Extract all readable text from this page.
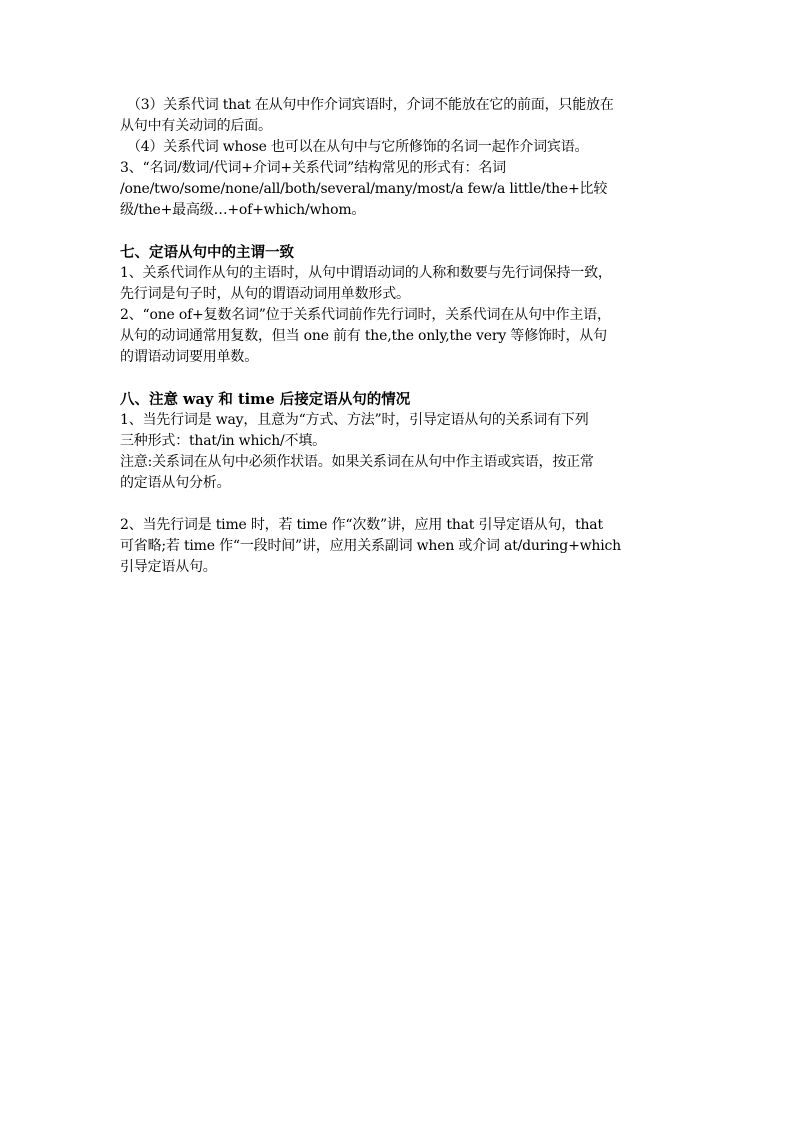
（3）关系代词 that 在从句中作介词宾语时，介词不能放在它的前面，只能放在
从句中有关动词的后面。
（4）关系代词 whose 也可以在从句中与它所修饰的名词一起作介词宾语。
3、“名词/数词/代词+介词+关系代词”结构常见的形式有：名词
/one/two/some/none/all/both/several/many/most/a few/a little/the+比较
级/the+最高级…+of+which/whom。
七、定语从句中的主谓一致
1、关系代词作从句的主语时，从句中谓语动词的人称和数要与先行词保持一致，
先行词是句子时，从句的谓语动词用单数形式。
2、“one of+复数名词”位于关系代词前作先行词时，关系代词在从句中作主语，
从句的动词通常用复数，但当 one 前有 the,the only,the very 等修饰时，从句
的谓语动词要用单数。
八、注意 way 和 time 后接定语从句的情况
1、当先行词是 way，且意为“方式、方法”时，引导定语从句的关系词有下列
三种形式：that/in which/不填。
注意:关系词在从句中必须作状语。如果关系词在从句中作主语或宾语，按正常
的定语从句分析。
2、当先行词是 time 时，若 time 作“次数”讲，应用 that 引导定语从句，that
可省略;若 time 作“一段时间”讲，应用关系副词 when 或介词 at/during+which
引导定语从句。
